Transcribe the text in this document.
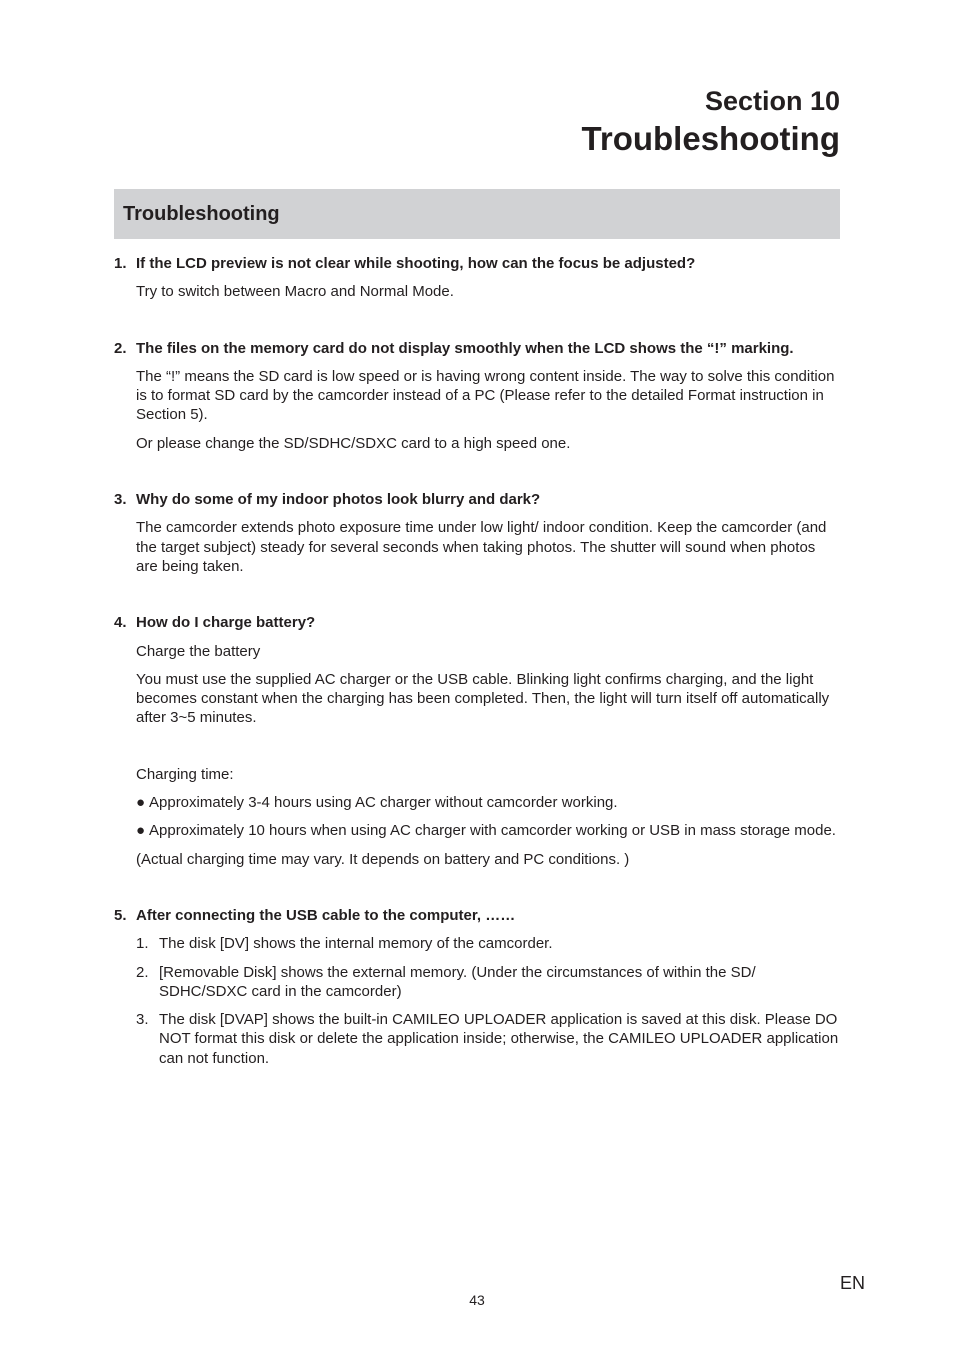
Section 10
Troubleshooting
Troubleshooting
1. If the LCD preview is not clear while shooting, how can the focus be adjusted?
Try to switch between Macro and Normal Mode.
2. The files on the memory card do not display smoothly when the LCD shows the “!” marking.
The “!” means the SD card is low speed or is having wrong content inside. The way to solve this condition is to format SD card by the camcorder instead of a PC (Please refer to the detailed Format instruction in Section 5).
Or please change the SD/SDHC/SDXC card to a high speed one.
3. Why do some of my indoor photos look blurry and dark?
The camcorder extends photo exposure time under low light/ indoor condition. Keep the camcorder (and the target subject) steady for several seconds when taking photos. The shutter will sound when photos are being taken.
4. How do I charge battery?
Charge the battery
You must use the supplied AC charger or the USB cable. Blinking light confirms charging, and the light becomes constant when the charging has been completed. Then, the light will turn itself off automatically after 3~5 minutes.
Charging time:
● Approximately 3-4 hours using AC charger without camcorder working.
● Approximately 10 hours when using AC charger with camcorder working or USB in mass storage mode.
(Actual charging time may vary. It depends on battery and PC conditions. )
5. After connecting the USB cable to the computer, ……
1. The disk [DV] shows the internal memory of the camcorder.
2. [Removable Disk] shows the external memory. (Under the circumstances of within the SD/ SDHC/SDXC card in the camcorder)
3. The disk [DVAP] shows the built-in CAMILEO UPLOADER application is saved at this disk. Please DO NOT format this disk or delete the application inside; otherwise, the CAMILEO UPLOADER application can not function.
EN
43
